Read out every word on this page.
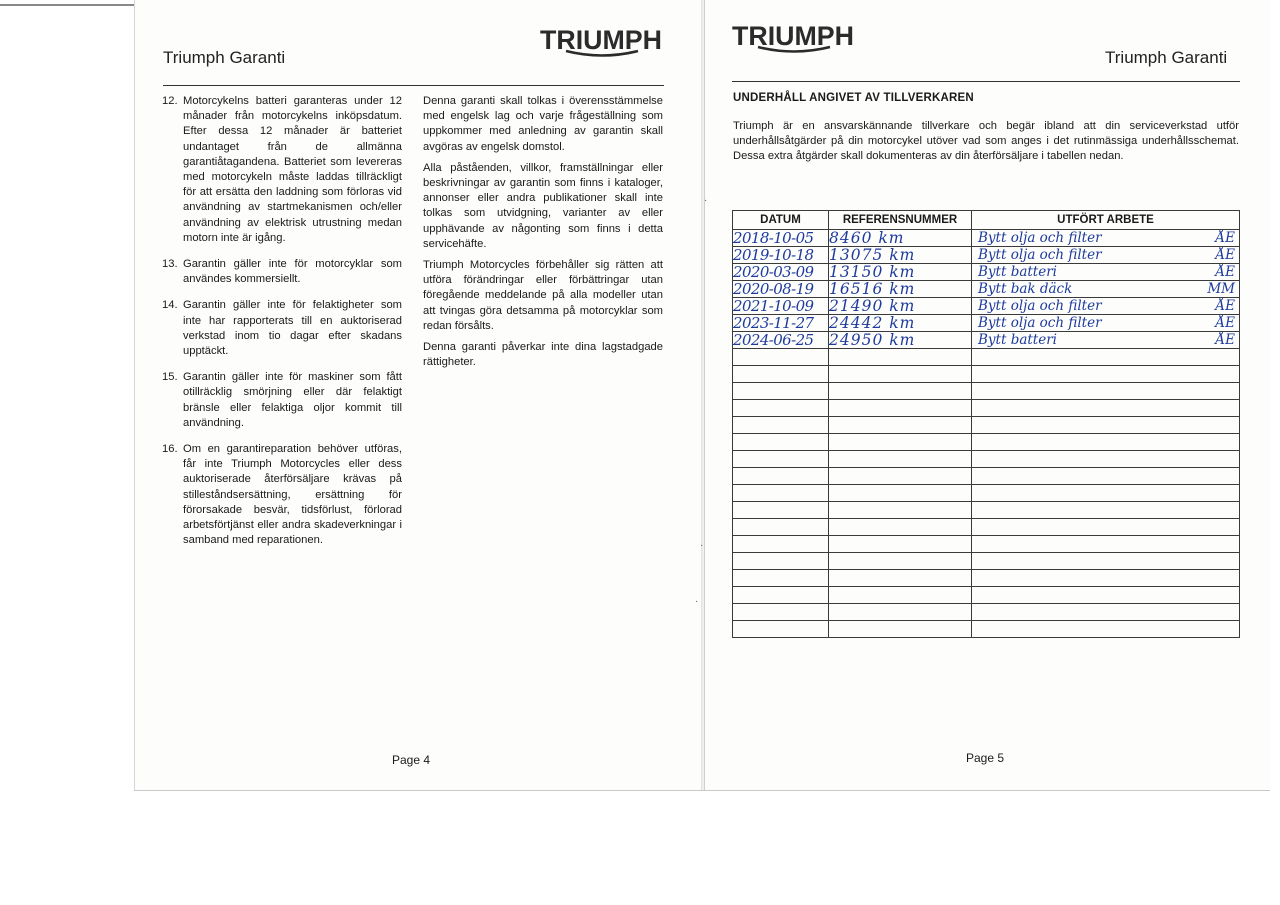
Triumph Garanti
TRIUMPH
12. Motorcykelns batteri garanteras under 12 månader från motorcykelns inköpsdatum. Efter dessa 12 månader är batteriet undantaget från de allmänna garantiåtagandena. Batteriet som levereras med motorcykeln måste laddas tillräckligt för att ersätta den laddning som förloras vid användning av startmekanismen och/eller användning av elektrisk utrustning medan motorn inte är igång.
13. Garantin gäller inte för motorcyklar som användes kommersiellt.
14. Garantin gäller inte för felaktigheter som inte har rapporterats till en auktoriserad verkstad inom tio dagar efter skadans upptäckt.
15. Garantin gäller inte för maskiner som fått otillräcklig smörjning eller där felaktigt bränsle eller felaktiga oljor kommit till användning.
16. Om en garantireparation behöver utföras, får inte Triumph Motorcycles eller dess auktoriserade återförsäljare krävas på stilleståndsersättning, ersättning för förorsakade besvär, tidsförlust, förlorad arbetsförtjänst eller andra skadeverkningar i samband med reparationen.

Denna garanti skall tolkas i överensstämmelse med engelsk lag och varje frågeställning som uppkommer med anledning av garantin skall avgöras av engelsk domstol.

Alla påståenden, villkor, framställningar eller beskrivningar av garantin som finns i kataloger, annonser eller andra publikationer skall inte tolkas som utvidgning, varianter av eller upphävande av någonting som finns i detta servicehäfte.

Triumph Motorcycles förbehåller sig rätten att utföra förändringar eller förbättringar utan föregående meddelande på alla modeller utan att tvingas göra detsamma på motorcyklar som redan försålts.

Denna garanti påverkar inte dina lagstadgade rättigheter.

Page 4
TRIUMPH
Triumph Garanti
UNDERHÅLL ANGIVET AV TILLVERKAREN

Triumph är en ansvarskännande tillverkare och begär ibland att din serviceverkstad utför underhållsåtgärder på din motorcykel utöver vad som anges i det rutinmässiga underhållsschemat. Dessa extra åtgärder skall dokumenteras av din återförsäljare i tabellen nedan.

DATUM	REFERENSNUMMER	UTFÖRT ARBETE
2018-10-05	8460 km	Bytt olja och filter ÅE

2019-10-18	13075 km	Bytt olja och filter ÅE

2020-03-09	13150 km	Bytt batteri ÅE

2020-08-19	16516 km	Bytt bak däck MM

2021-10-09	21490 km	Bytt olja och filter ÅE

2023-11-27	24442 km	Bytt olja och filter ÅE

2024-06-25	24950 km	Bytt batteri ÅE

Page 5
·
·
·
